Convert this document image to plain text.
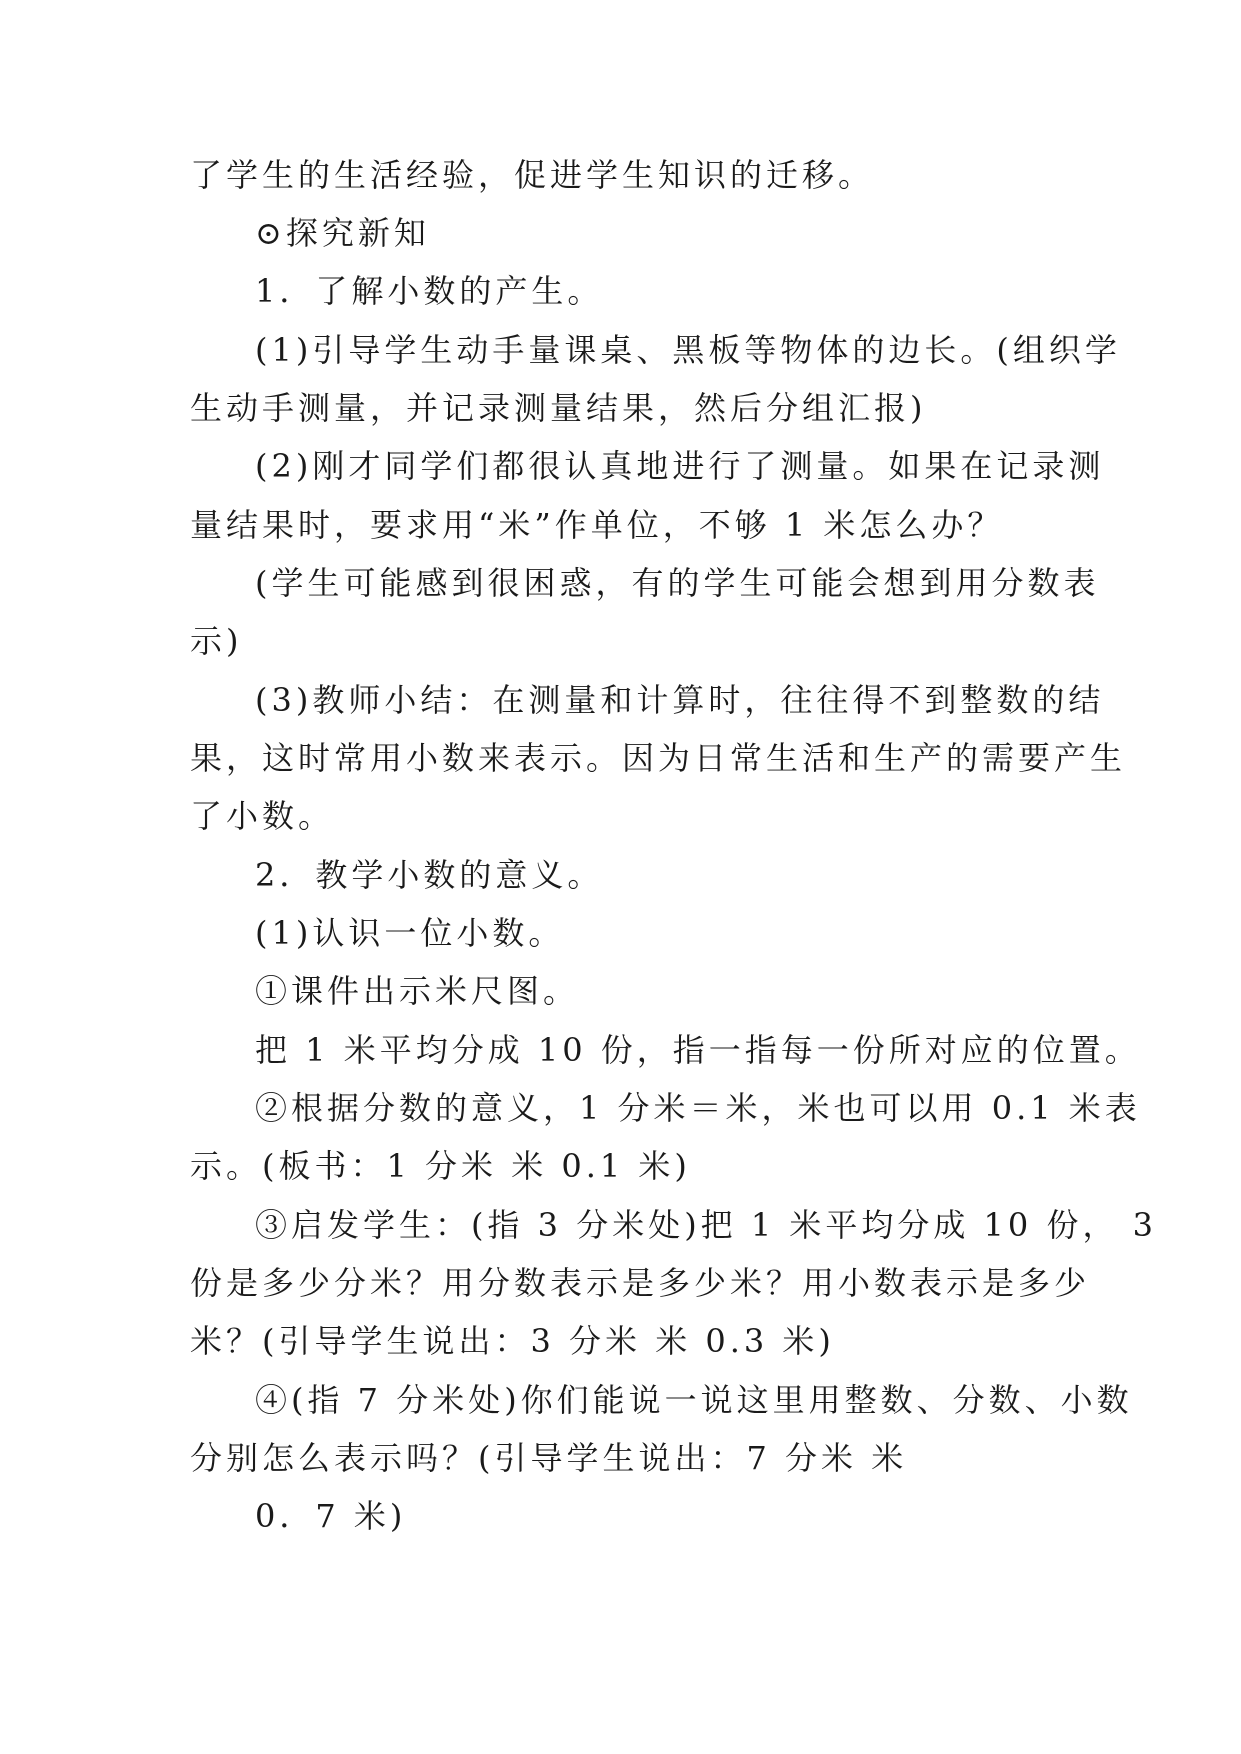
了学生的生活经验，促进学生知识的迁移。
⊙探究新知
1．了解小数的产生。
(1)引导学生动手量课桌、黑板等物体的边长。(组织学
生动手测量，并记录测量结果，然后分组汇报)
(2)刚才同学们都很认真地进行了测量。如果在记录测
量结果时，要求用“米”作单位，不够 1 米怎么办？
(学生可能感到很困惑，有的学生可能会想到用分数表
示)
(3)教师小结：在测量和计算时，往往得不到整数的结
果，这时常用小数来表示。因为日常生活和生产的需要产生
了小数。
2．教学小数的意义。
(1)认识一位小数。
①课件出示米尺图。
把 1 米平均分成 10 份，指一指每一份所对应的位置。
②根据分数的意义，1 分米＝米，米也可以用 0.1 米表
示。(板书：1 分米 米 0.1 米)
③启发学生：(指 3 分米处)把 1 米平均分成 10 份， 3
份是多少分米？用分数表示是多少米？用小数表示是多少
米？(引导学生说出：3 分米 米 0.3 米)
④(指 7 分米处)你们能说一说这里用整数、分数、小数
分别怎么表示吗？(引导学生说出：7 分米 米
0．7 米)
